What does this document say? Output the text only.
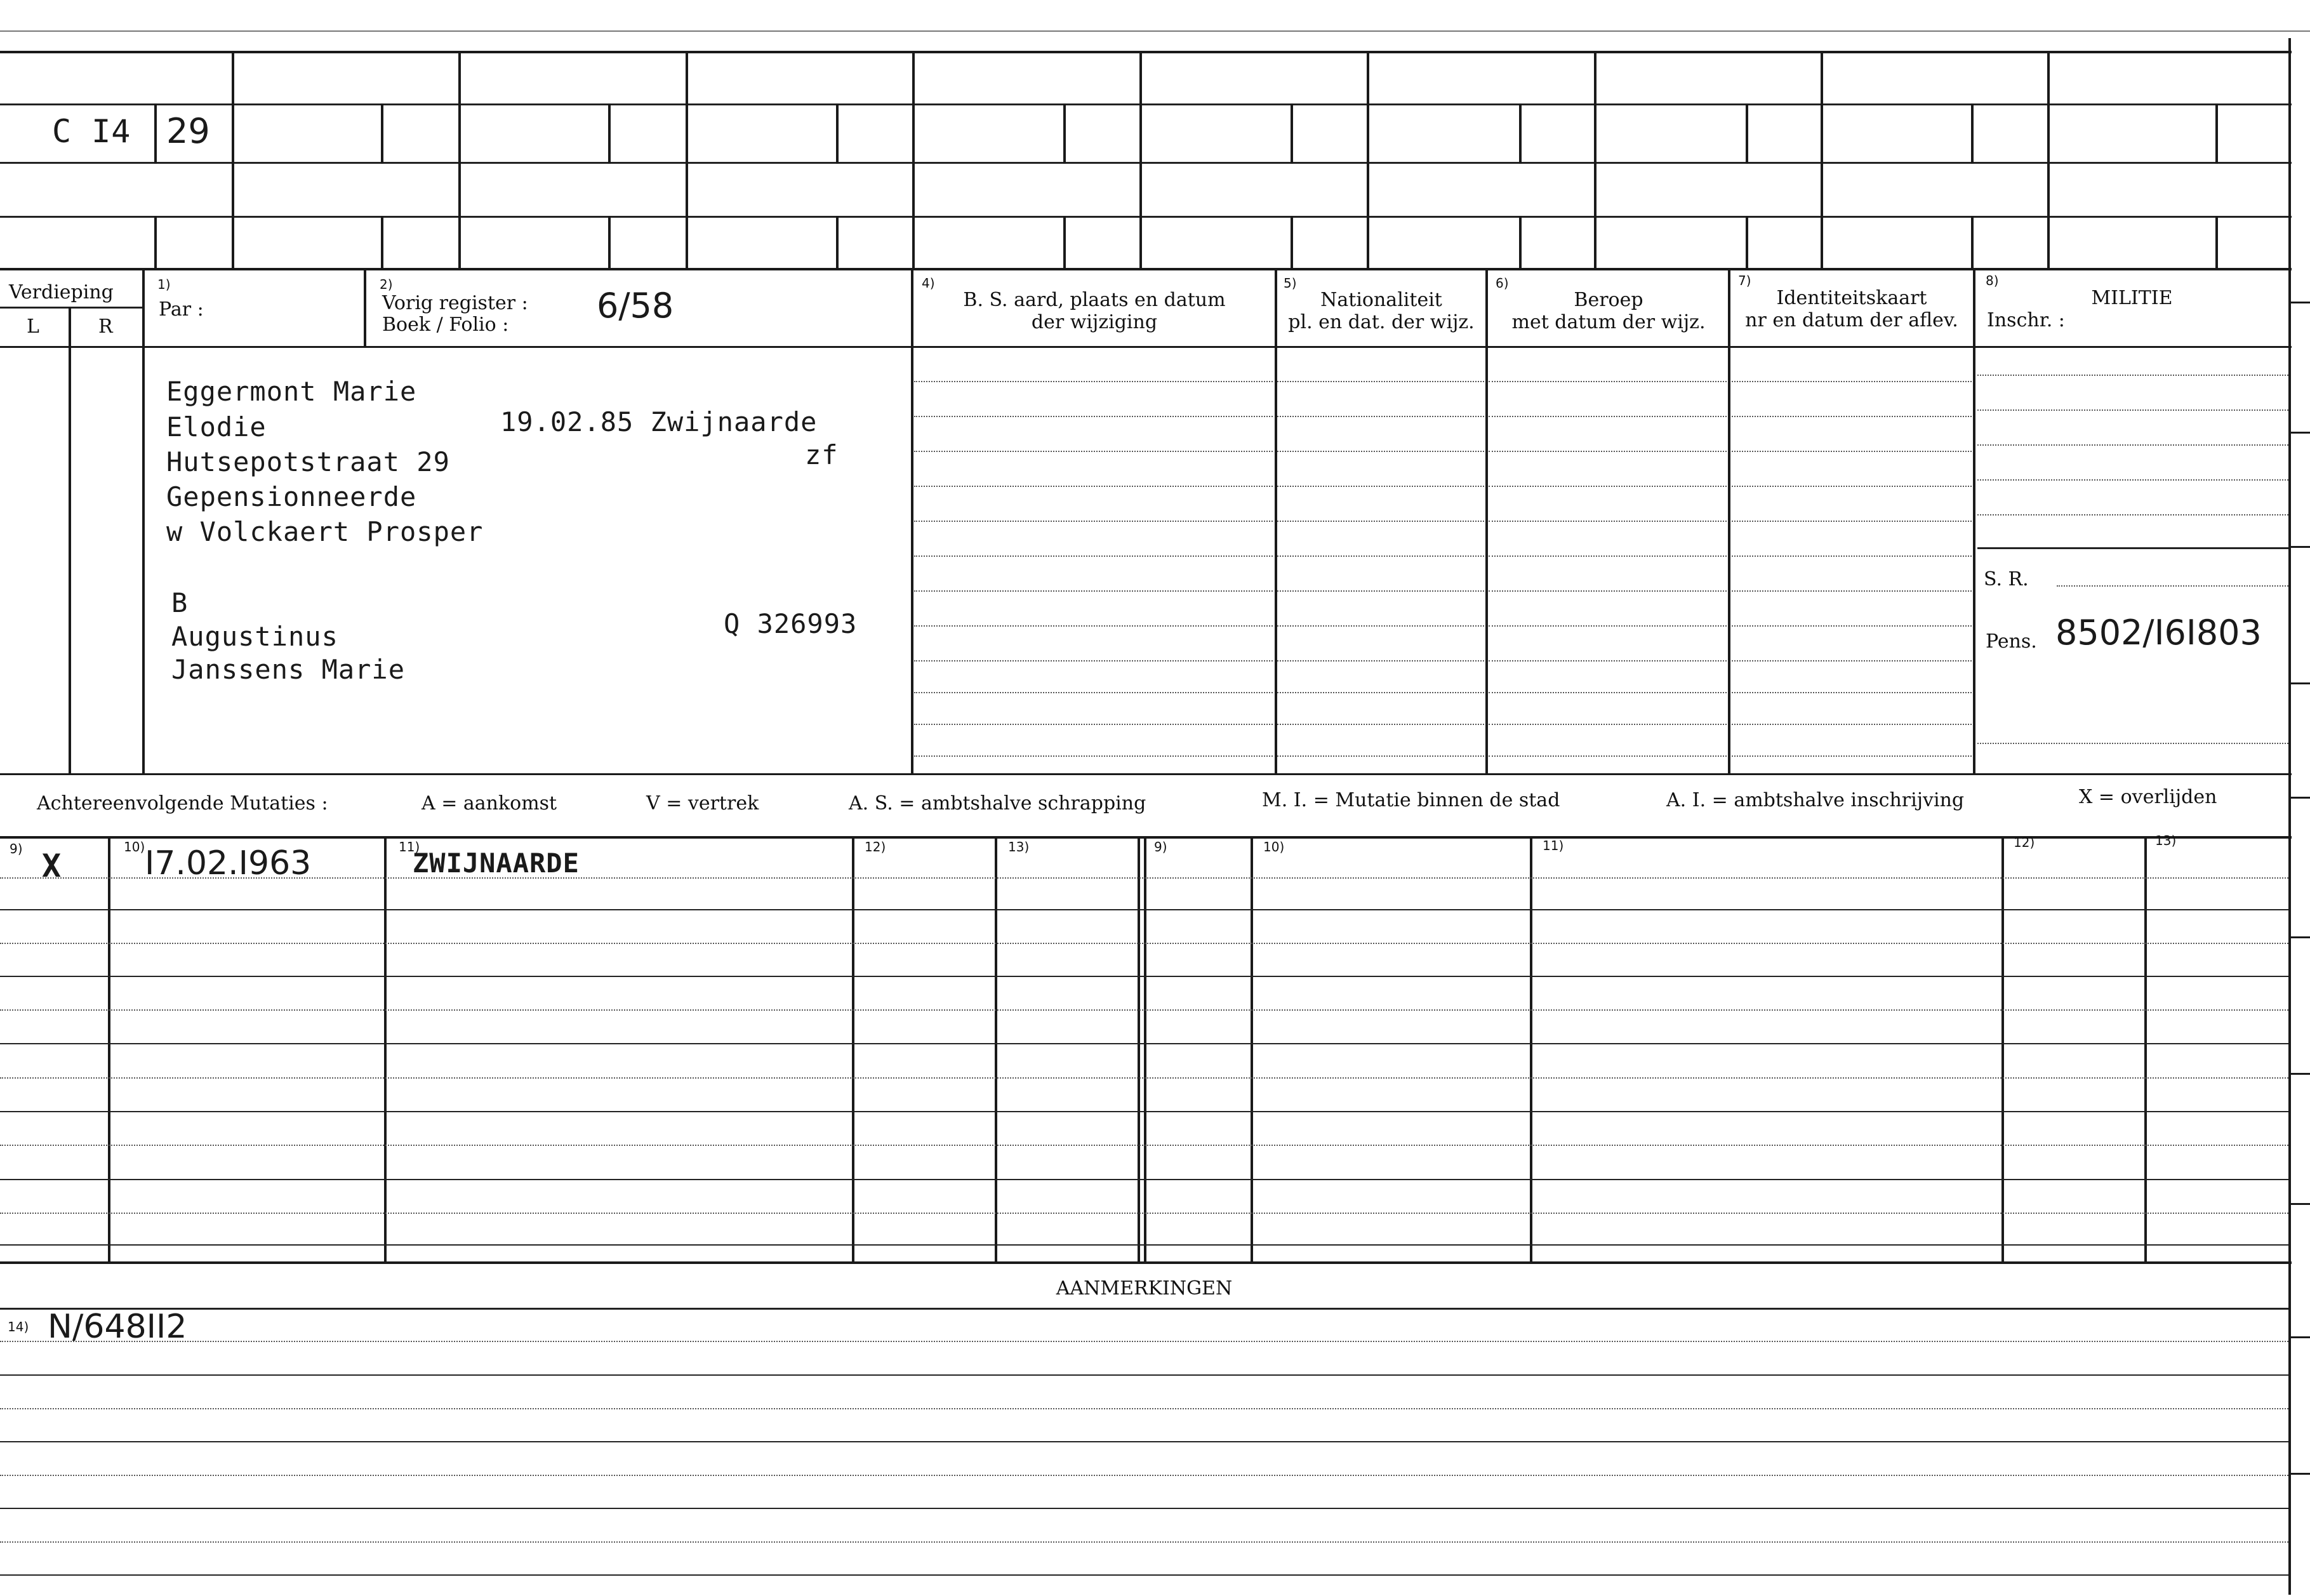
C I4 29
Verdieping
L	R
1)
Par :
2)
Vorig register :
Boek / Folio :	6/58
4)
B. S. aard, plaats en datum
der wijziging
5)
Nationaliteit
pl. en dat. der wijz.
6)
Beroep
met datum der wijz.
7)
Identiteitskaart
nr en datum der aflev.
8)
MILITIE
Inschr. :
Eggermont Marie
Elodie	19.02.85 Zwijnaarde
Hutsepotstraat 29	zf
Gepensionneerde
w Volckaert Prosper
B
Augustinus	Q 326993
Janssens Marie
S. R.
Pens. 8502/I6I803
Achtereenvolgende Mutaties :	A = aankomst	V = vertrek	A. S. = ambtshalve schrapping	M. I. = Mutatie binnen de stad	A. I. = ambtshalve inschrijving	X = overlijden
9)	10)	11)	12)	13)	9)	10)	11)	12)	13)
X	I7.02.I963	ZWIJNAARDE
AANMERKINGEN
14) N/648II2
